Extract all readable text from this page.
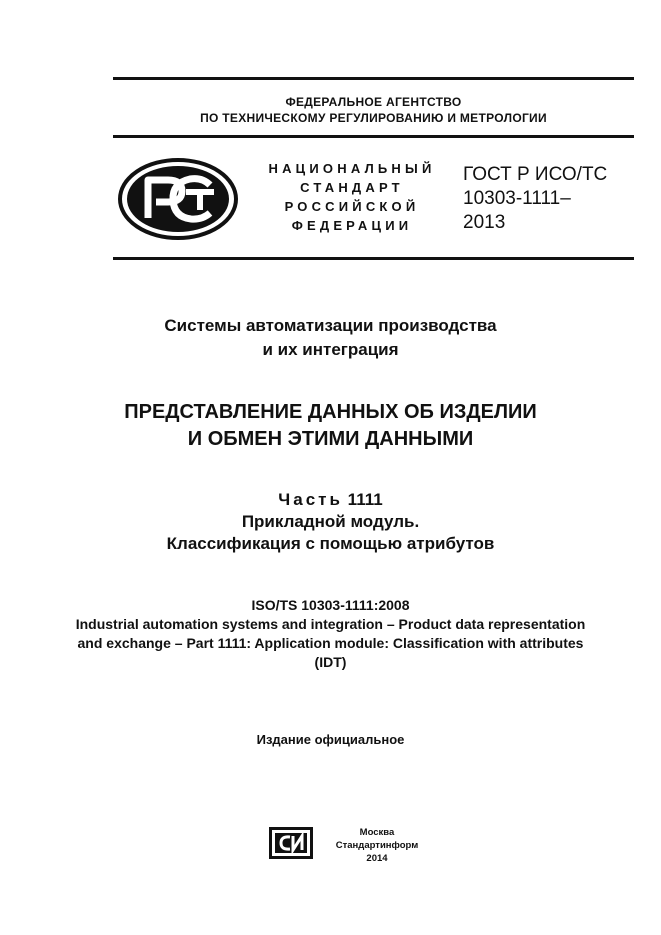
ФЕДЕРАЛЬНОЕ АГЕНТСТВО
ПО ТЕХНИЧЕСКОМУ РЕГУЛИРОВАНИЮ И МЕТРОЛОГИИ
НАЦИОНАЛЬНЫЙ
СТАНДАРТ
РОССИЙСКОЙ
ФЕДЕРАЦИИ
ГОСТ Р ИСО/ТС
10303-1111–
2013
Системы автоматизации производства
и их интеграция
ПРЕДСТАВЛЕНИЕ ДАННЫХ ОБ ИЗДЕЛИИ
И ОБМЕН ЭТИМИ ДАННЫМИ
Часть 1111
Прикладной модуль.
Классификация с помощью атрибутов
ISO/TS 10303-1111:2008
Industrial automation systems and integration – Product data representation
and exchange – Part 1111: Application module: Classification with attributes
(IDT)
Издание официальное
Москва
Стандартинформ
2014
